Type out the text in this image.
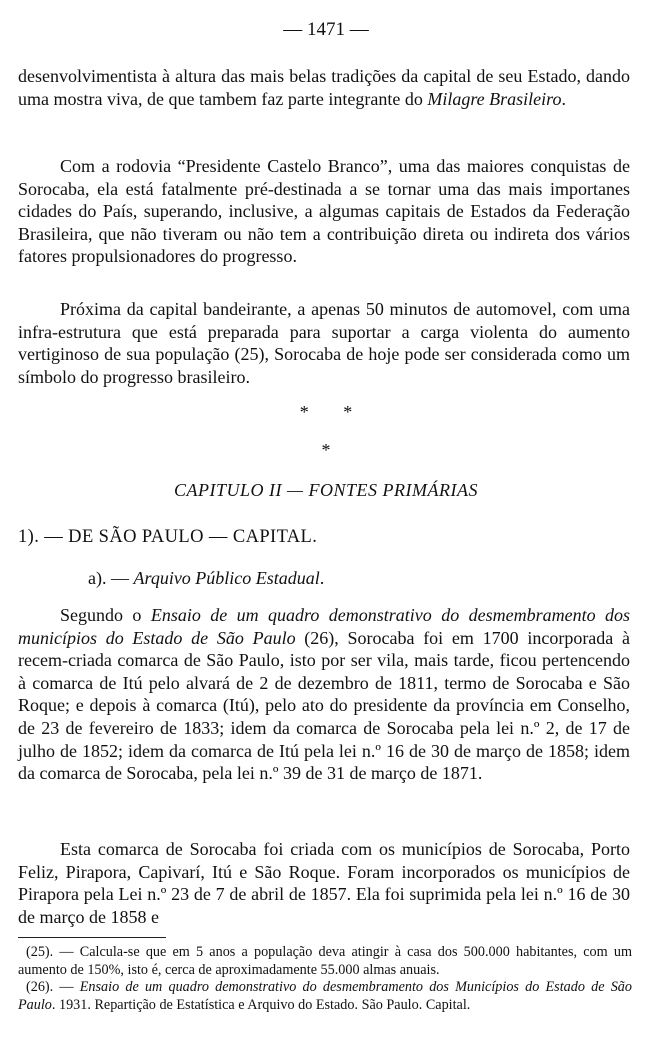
— 1471 —

desenvolvimentista à altura das mais belas tradições da capital de seu Estado, dando uma mostra viva, de que tambem faz parte integrante do Milagre Brasileiro.

Com a rodovia “Presidente Castelo Branco”, uma das maiores conquistas de Sorocaba, ela está fatalmente pré-destinada a se tornar uma das mais importanes cidades do País, superando, inclusive, a algumas capitais de Estados da Federação Brasileira, que não tiveram ou não tem a contribuição direta ou indireta dos vários fatores propulsionadores do progresso.

Próxima da capital bandeirante, a apenas 50 minutos de automovel, com uma infra-estrutura que está preparada para suportar a carga violenta do aumento vertiginoso de sua população (25), Sorocaba de hoje pode ser considerada como um símbolo do progresso brasileiro.

* *
*
CAPITULO II — FONTES PRIMÁRIAS
1). — DE SÃO PAULO — CAPITAL.
a). — Arquivo Público Estadual.

Segundo o Ensaio de um quadro demonstrativo do desmembramento dos municípios do Estado de São Paulo (26), Sorocaba foi em 1700 incorporada à recem-criada comarca de São Paulo, isto por ser vila, mais tarde, ficou pertencendo à comarca de Itú pelo alvará de 2 de dezembro de 1811, termo de Sorocaba e São Roque; e depois à comarca (Itú), pelo ato do presidente da província em Conselho, de 23 de fevereiro de 1833; idem da comarca de Sorocaba pela lei n.º 2, de 17 de julho de 1852; idem da comarca de Itú pela lei n.º 16 de 30 de março de 1858; idem da comarca de Sorocaba, pela lei n.º 39 de 31 de março de 1871.

Esta comarca de Sorocaba foi criada com os municípios de Sorocaba, Porto Feliz, Pirapora, Capivarí, Itú e São Roque. Foram incorporados os municípios de Pirapora pela Lei n.º 23 de 7 de abril de 1857. Ela foi suprimida pela lei n.º 16 de 30 de março de 1858 e

(25). — Calcula-se que em 5 anos a população deva atingir à casa dos 500.000 habitantes, com um aumento de 150%, isto é, cerca de aproximadamente 55.000 almas anuais.

(26). — Ensaio de um quadro demonstrativo do desmembramento dos Municípios do Estado de São Paulo. 1931. Repartição de Estatística e Arquivo do Estado. São Paulo. Capital.
